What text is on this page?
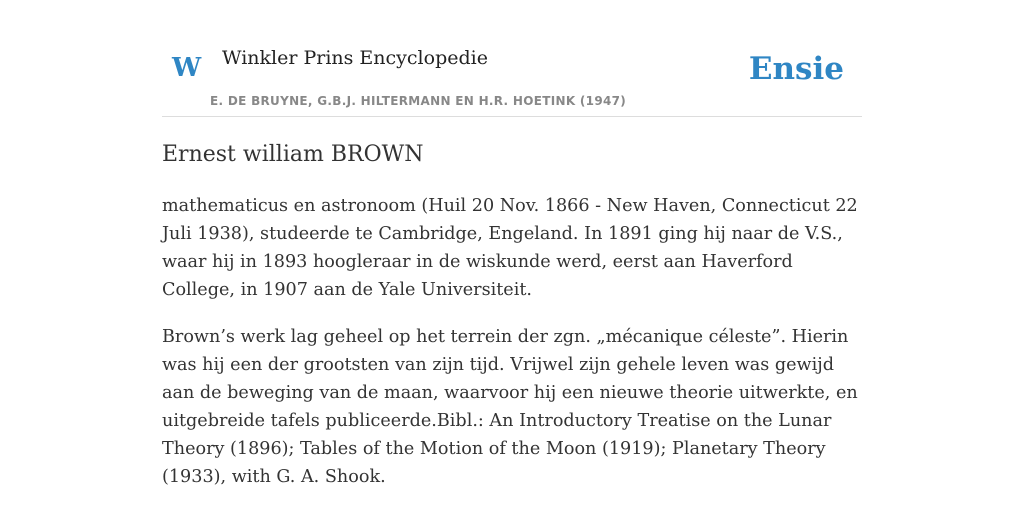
W Winkler Prins Encyclopedie
E. DE BRUYNE, G.B.J. HILTERMANN EN H.R. HOETINK (1947)
Ensie
Ernest william BROWN

mathematicus en astronoom (Huil 20 Nov. 1866 - New Haven, Connecticut 22 Juli 1938), studeerde te Cambridge, Engeland. In 1891 ging hij naar de V.S., waar hij in 1893 hoogleraar in de wiskunde werd, eerst aan Haverford College, in 1907 aan de Yale Universiteit.

Brown’s werk lag geheel op het terrein der zgn. „mécanique céleste”. Hierin was hij een der grootsten van zijn tijd. Vrijwel zijn gehele leven was gewijd aan de beweging van de maan, waarvoor hij een nieuwe theorie uitwerkte, en uitgebreide tafels publiceerde.Bibl.: An Introductory Treatise on the Lunar Theory (1896); Tables of the Motion of the Moon (1919); Planetary Theory (1933), with G. A. Shook.
